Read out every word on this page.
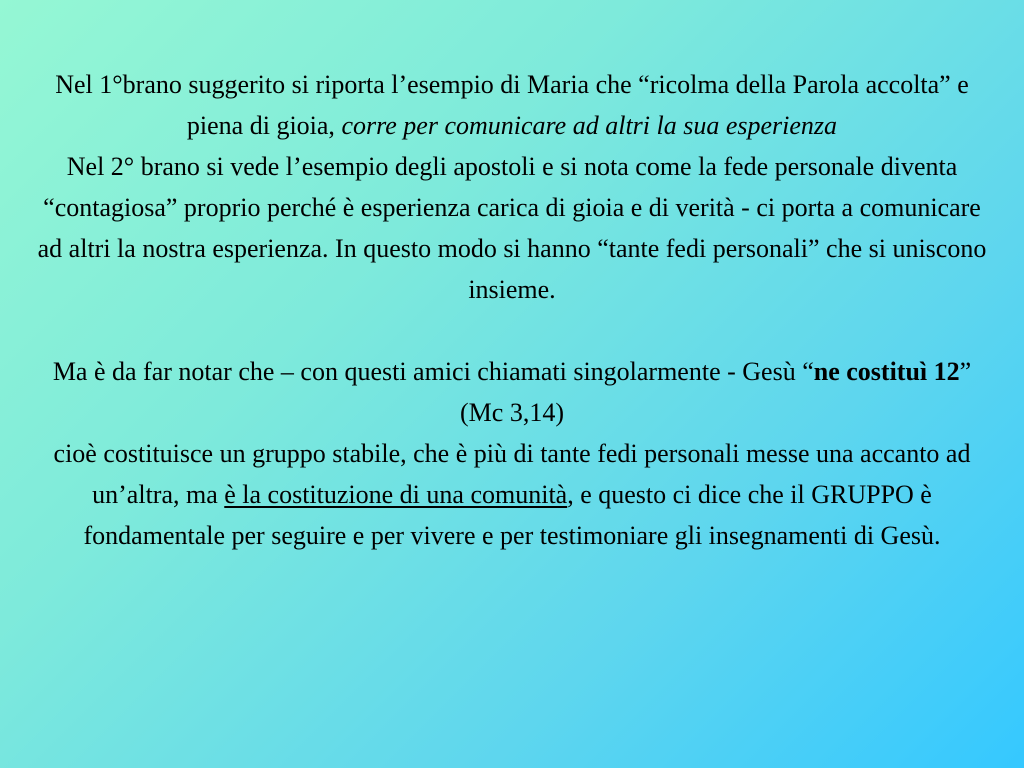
Nel 1°brano suggerito si riporta l’esempio di Maria che “ricolma della Parola accolta” e piena di gioia, corre per comunicare ad altri la sua esperienza

Nel 2° brano si vede l’esempio degli apostoli e si nota come la fede personale diventa “contagiosa” proprio perché è esperienza carica di gioia e di verità - ci porta a comunicare ad altri la nostra esperienza. In questo modo si hanno “tante fedi personali” che si uniscono insieme.

Ma è da far notar che – con questi amici chiamati singolarmente - Gesù “ne costituì 12” (Mc 3,14)

cioè costituisce un gruppo stabile, che è più di tante fedi personali messe una accanto ad un’altra, ma è la costituzione di una comunità, e questo ci dice che il GRUPPO è fondamentale per seguire e per vivere e per testimoniare gli insegnamenti di Gesù.
